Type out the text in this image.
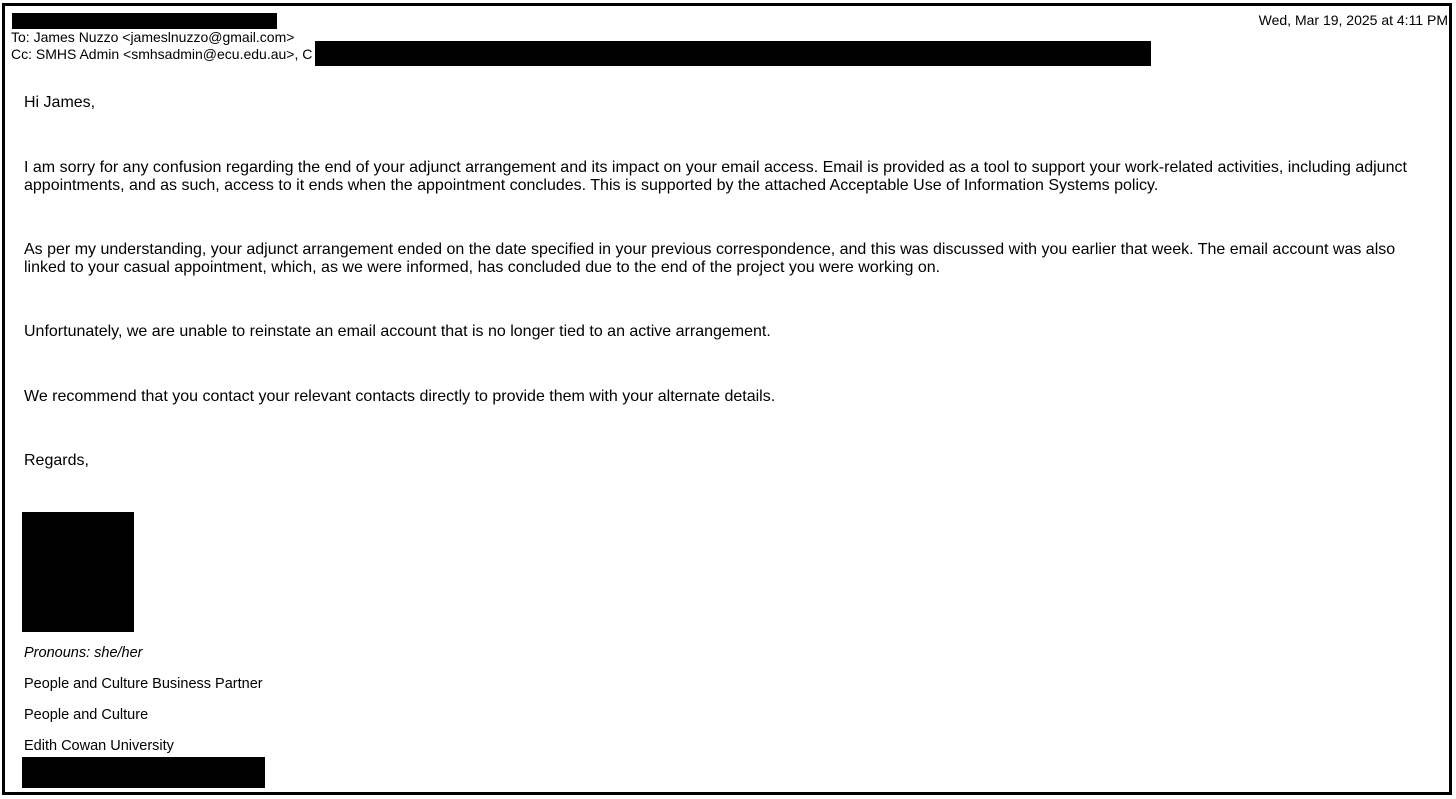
Wed, Mar 19, 2025 at 4:11 PM
To: James Nuzzo <jameslnuzzo@gmail.com>
Cc: SMHS Admin <smhsadmin@ecu.edu.au>, C
Hi James,
I am sorry for any confusion regarding the end of your adjunct arrangement and its impact on your email access. Email is provided as a tool to support your work-related activities, including adjunct appointments, and as such, access to it ends when the appointment concludes. This is supported by the attached Acceptable Use of Information Systems policy.
As per my understanding, your adjunct arrangement ended on the date specified in your previous correspondence, and this was discussed with you earlier that week. The email account was also linked to your casual appointment, which, as we were informed, has concluded due to the end of the project you were working on.
Unfortunately, we are unable to reinstate an email account that is no longer tied to an active arrangement.
We recommend that you contact your relevant contacts directly to provide them with your alternate details.
Regards,
Pronouns: she/her
People and Culture Business Partner
People and Culture
Edith Cowan University
